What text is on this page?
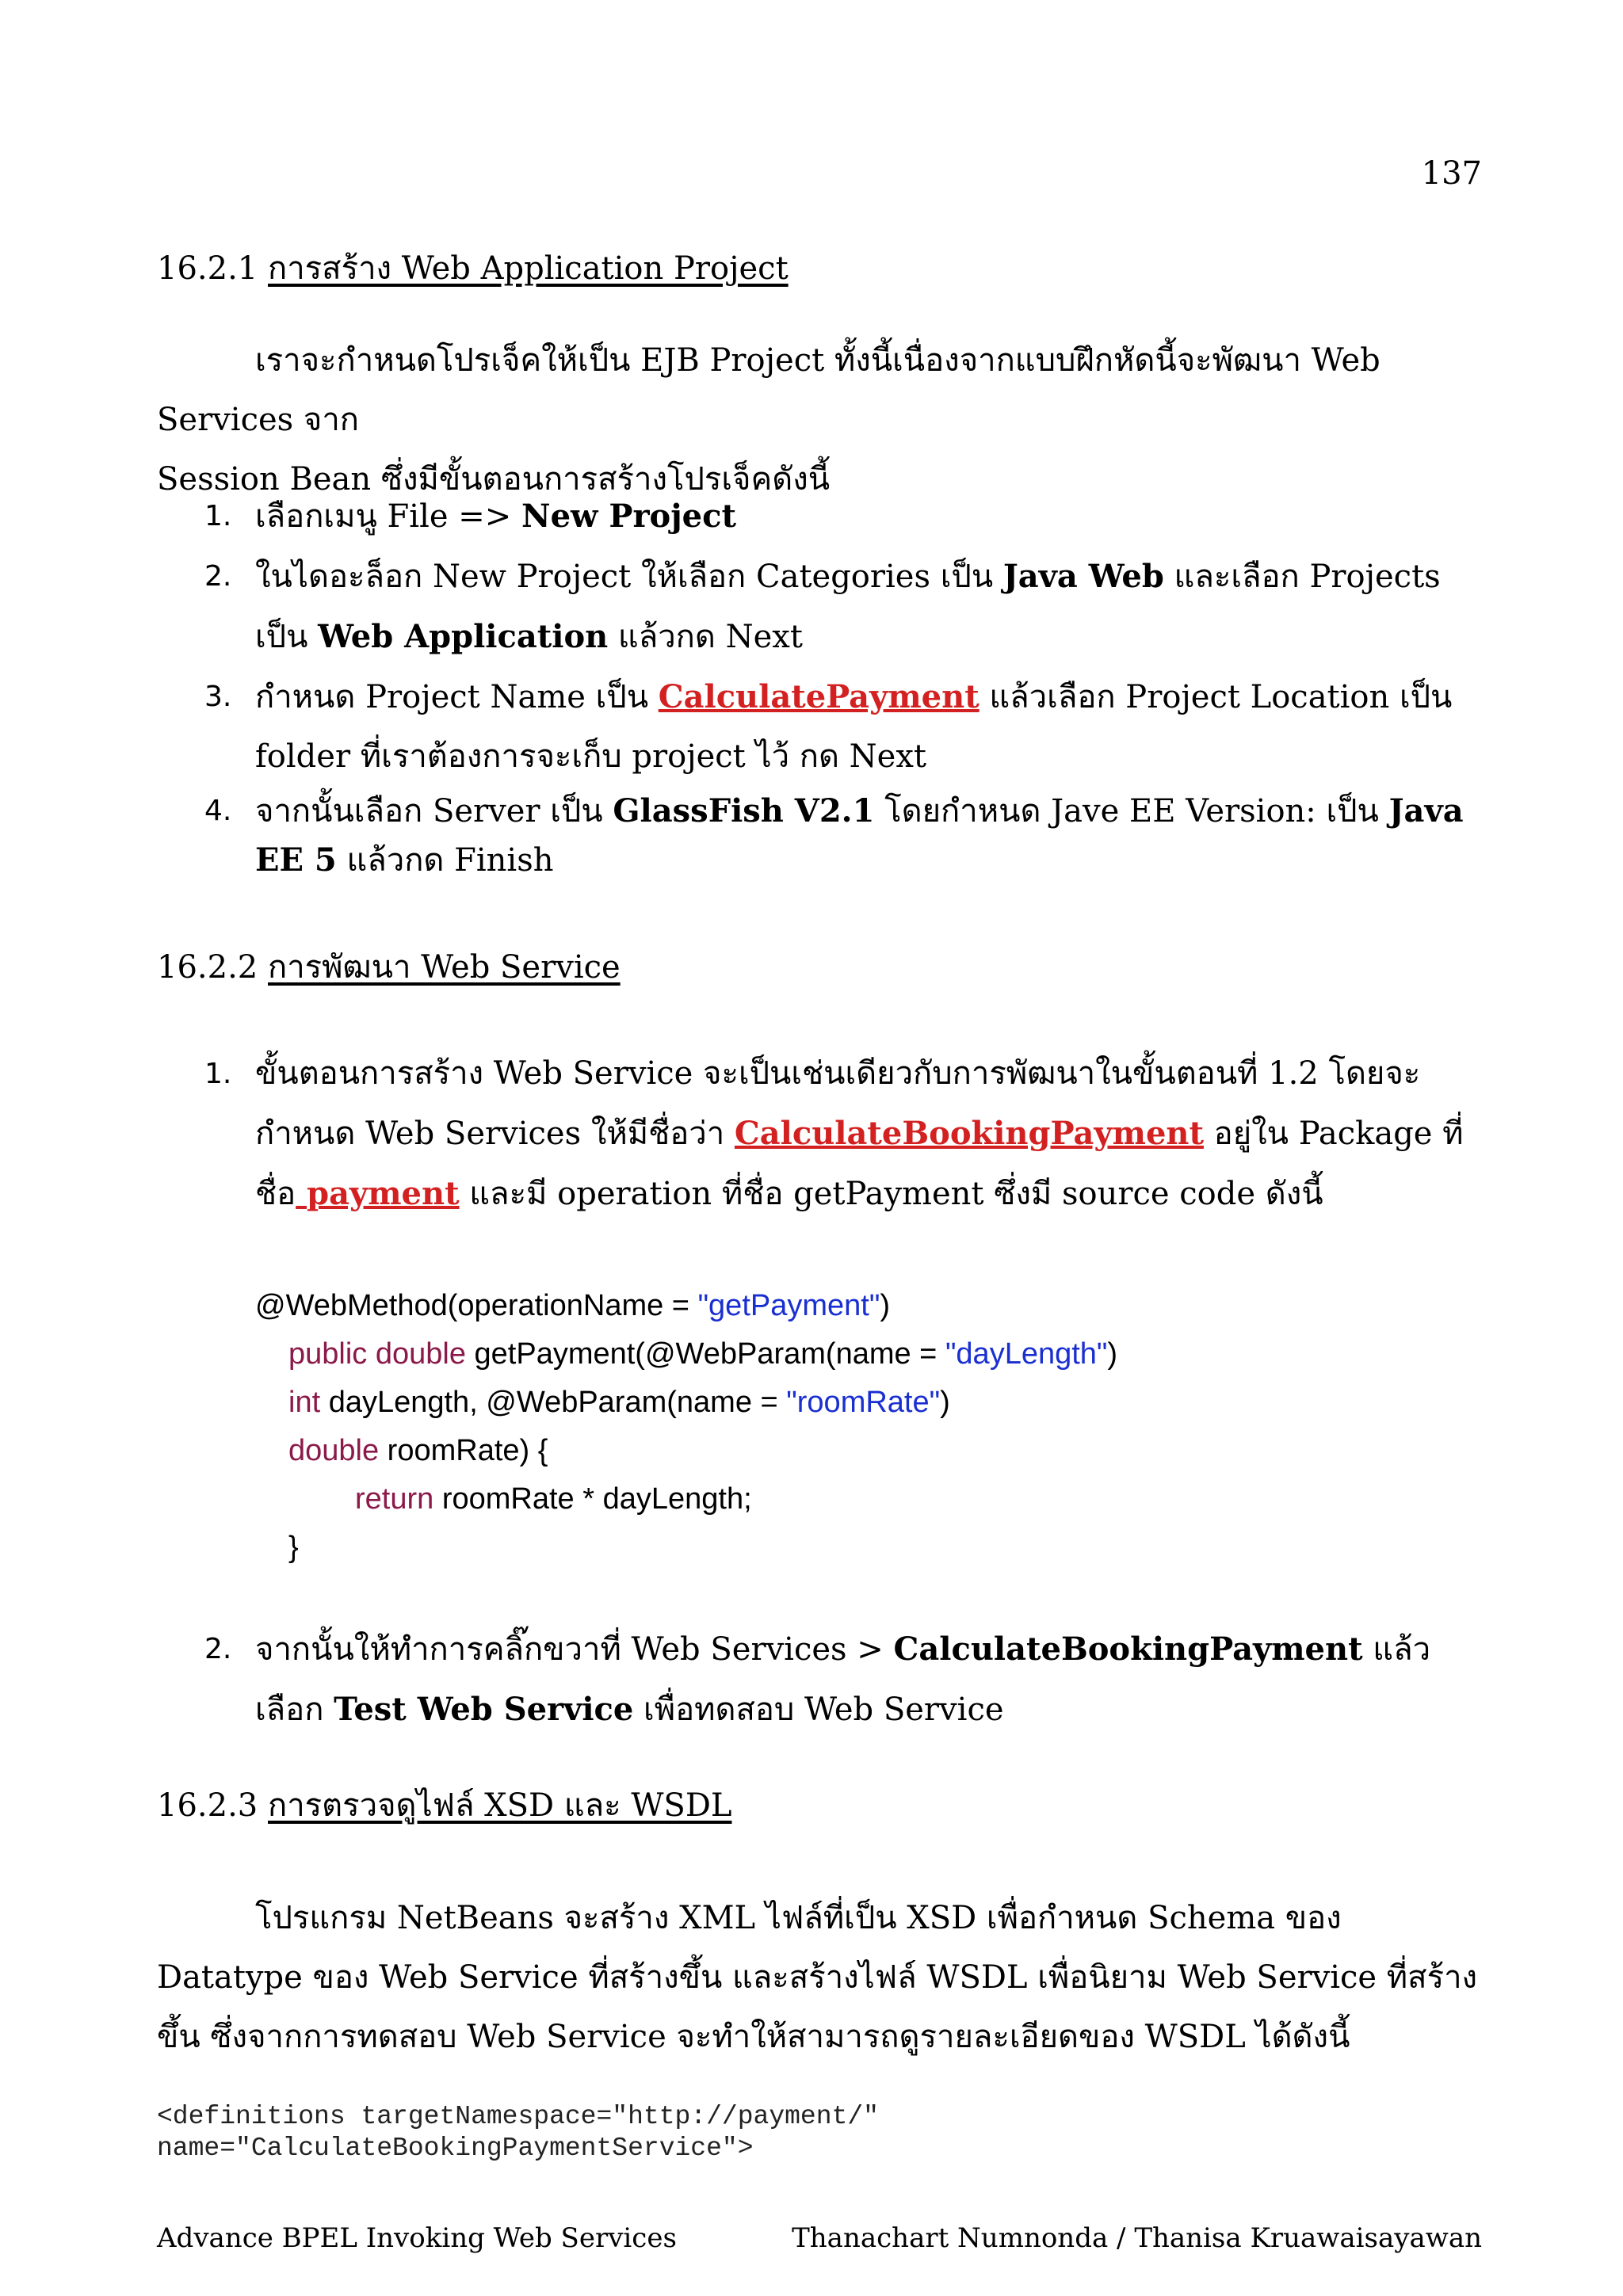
137
16.2.1 การสร้าง Web Application Project
เราจะกำหนดโปรเจ็คให้เป็น EJB Project ทั้งนี้เนื่องจากแบบฝึกหัดนี้จะพัฒนา Web Services จาก
Session Bean ซึ่งมีขั้นตอนการสร้างโปรเจ็คดังนี้
1. เลือกเมนู File => New Project
2. ในไดอะล็อก New Project ให้เลือก Categories เป็น Java Web และเลือก Projects เป็น Web Application แล้วกด Next
3. กำหนด Project Name เป็น CalculatePayment แล้วเลือก Project Location เป็น folder ที่เราต้องการจะเก็บ project ไว้ กด Next
4. จากนั้นเลือก Server เป็น GlassFish V2.1 โดยกำหนด Jave EE Version: เป็น Java EE 5 แล้วกด Finish
16.2.2 การพัฒนา Web Service
1. ขั้นตอนการสร้าง Web Service จะเป็นเช่นเดียวกับการพัฒนาในขั้นตอนที่ 1.2 โดยจะกำหนด Web Services ให้มีชื่อว่า CalculateBookingPayment อยู่ใน Package ที่ชื่อ payment และมี operation ที่ชื่อ getPayment ซึ่งมี source code ดังนี้
@WebMethod(operationName = "getPayment")
public double getPayment(@WebParam(name = "dayLength")
int dayLength, @WebParam(name = "roomRate")
double roomRate) {
return roomRate * dayLength;
}
2. จากนั้นให้ทำการคลิ๊กขวาที่ Web Services > CalculateBookingPayment แล้วเลือก Test Web Service เพื่อทดสอบ Web Service
16.2.3 การตรวจดูไฟล์ XSD และ WSDL
โปรแกรม NetBeans จะสร้าง XML ไฟล์ที่เป็น XSD เพื่อกำหนด Schema ของ Datatype ของ Web Service ที่สร้างขึ้น และสร้างไฟล์ WSDL เพื่อนิยาม Web Service ที่สร้างขึ้น ซึ่งจากการทดสอบ Web Service จะทำให้สามารถดูรายละเอียดของ WSDL ได้ดังนี้
<definitions targetNamespace="http://payment/"
name="CalculateBookingPaymentService">
Advance BPEL Invoking Web Services	Thanachart Numnonda / Thanisa Kruawaisayawan
